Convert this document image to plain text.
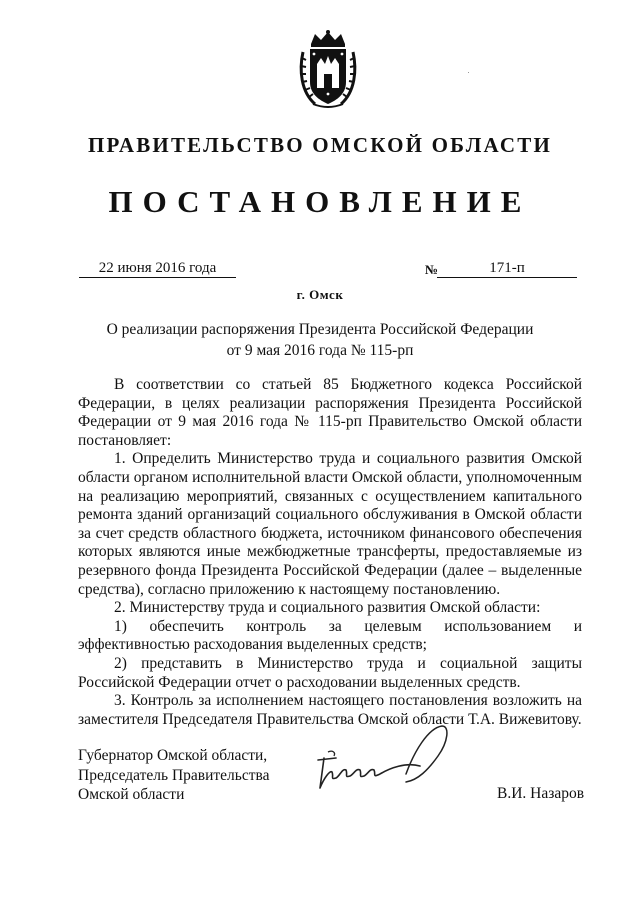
ПРАВИТЕЛЬСТВО ОМСКОЙ ОБЛАСТИ
ПОСТАНОВЛЕНИЕ
22 июня 2016 года	№	171-п
г. Омск
О реализации распоряжения Президента Российской Федерации
от 9 мая 2016 года № 115-рп

В соответствии со статьей 85 Бюджетного кодекса Российской Федерации, в целях реализации распоряжения Президента Российской Федерации от 9 мая 2016 года № 115-рп Правительство Омской области постановляет:

1. Определить Министерство труда и социального развития Омской области органом исполнительной власти Омской области, уполномоченным на реализацию мероприятий, связанных с осуществлением капитального ремонта зданий организаций социального обслуживания в Омской области за счет средств областного бюджета, источником финансового обеспечения которых являются иные межбюджетные трансферты, предоставляемые из резервного фонда Президента Российской Федерации (далее – выделенные средства), согласно приложению к настоящему постановлению.

2. Министерству труда и социального развития Омской области:

1) обеспечить контроль за целевым использованием и эффективностью расходования выделенных средств;

2) представить в Министерство труда и социальной защиты Российской Федерации отчет о расходовании выделенных средств.

3. Контроль за исполнением настоящего постановления возложить на заместителя Председателя Правительства Омской области Т.А. Вижевитову.

Губернатор Омской области,
Председатель Правительства
Омской области	В.И. Назаров
